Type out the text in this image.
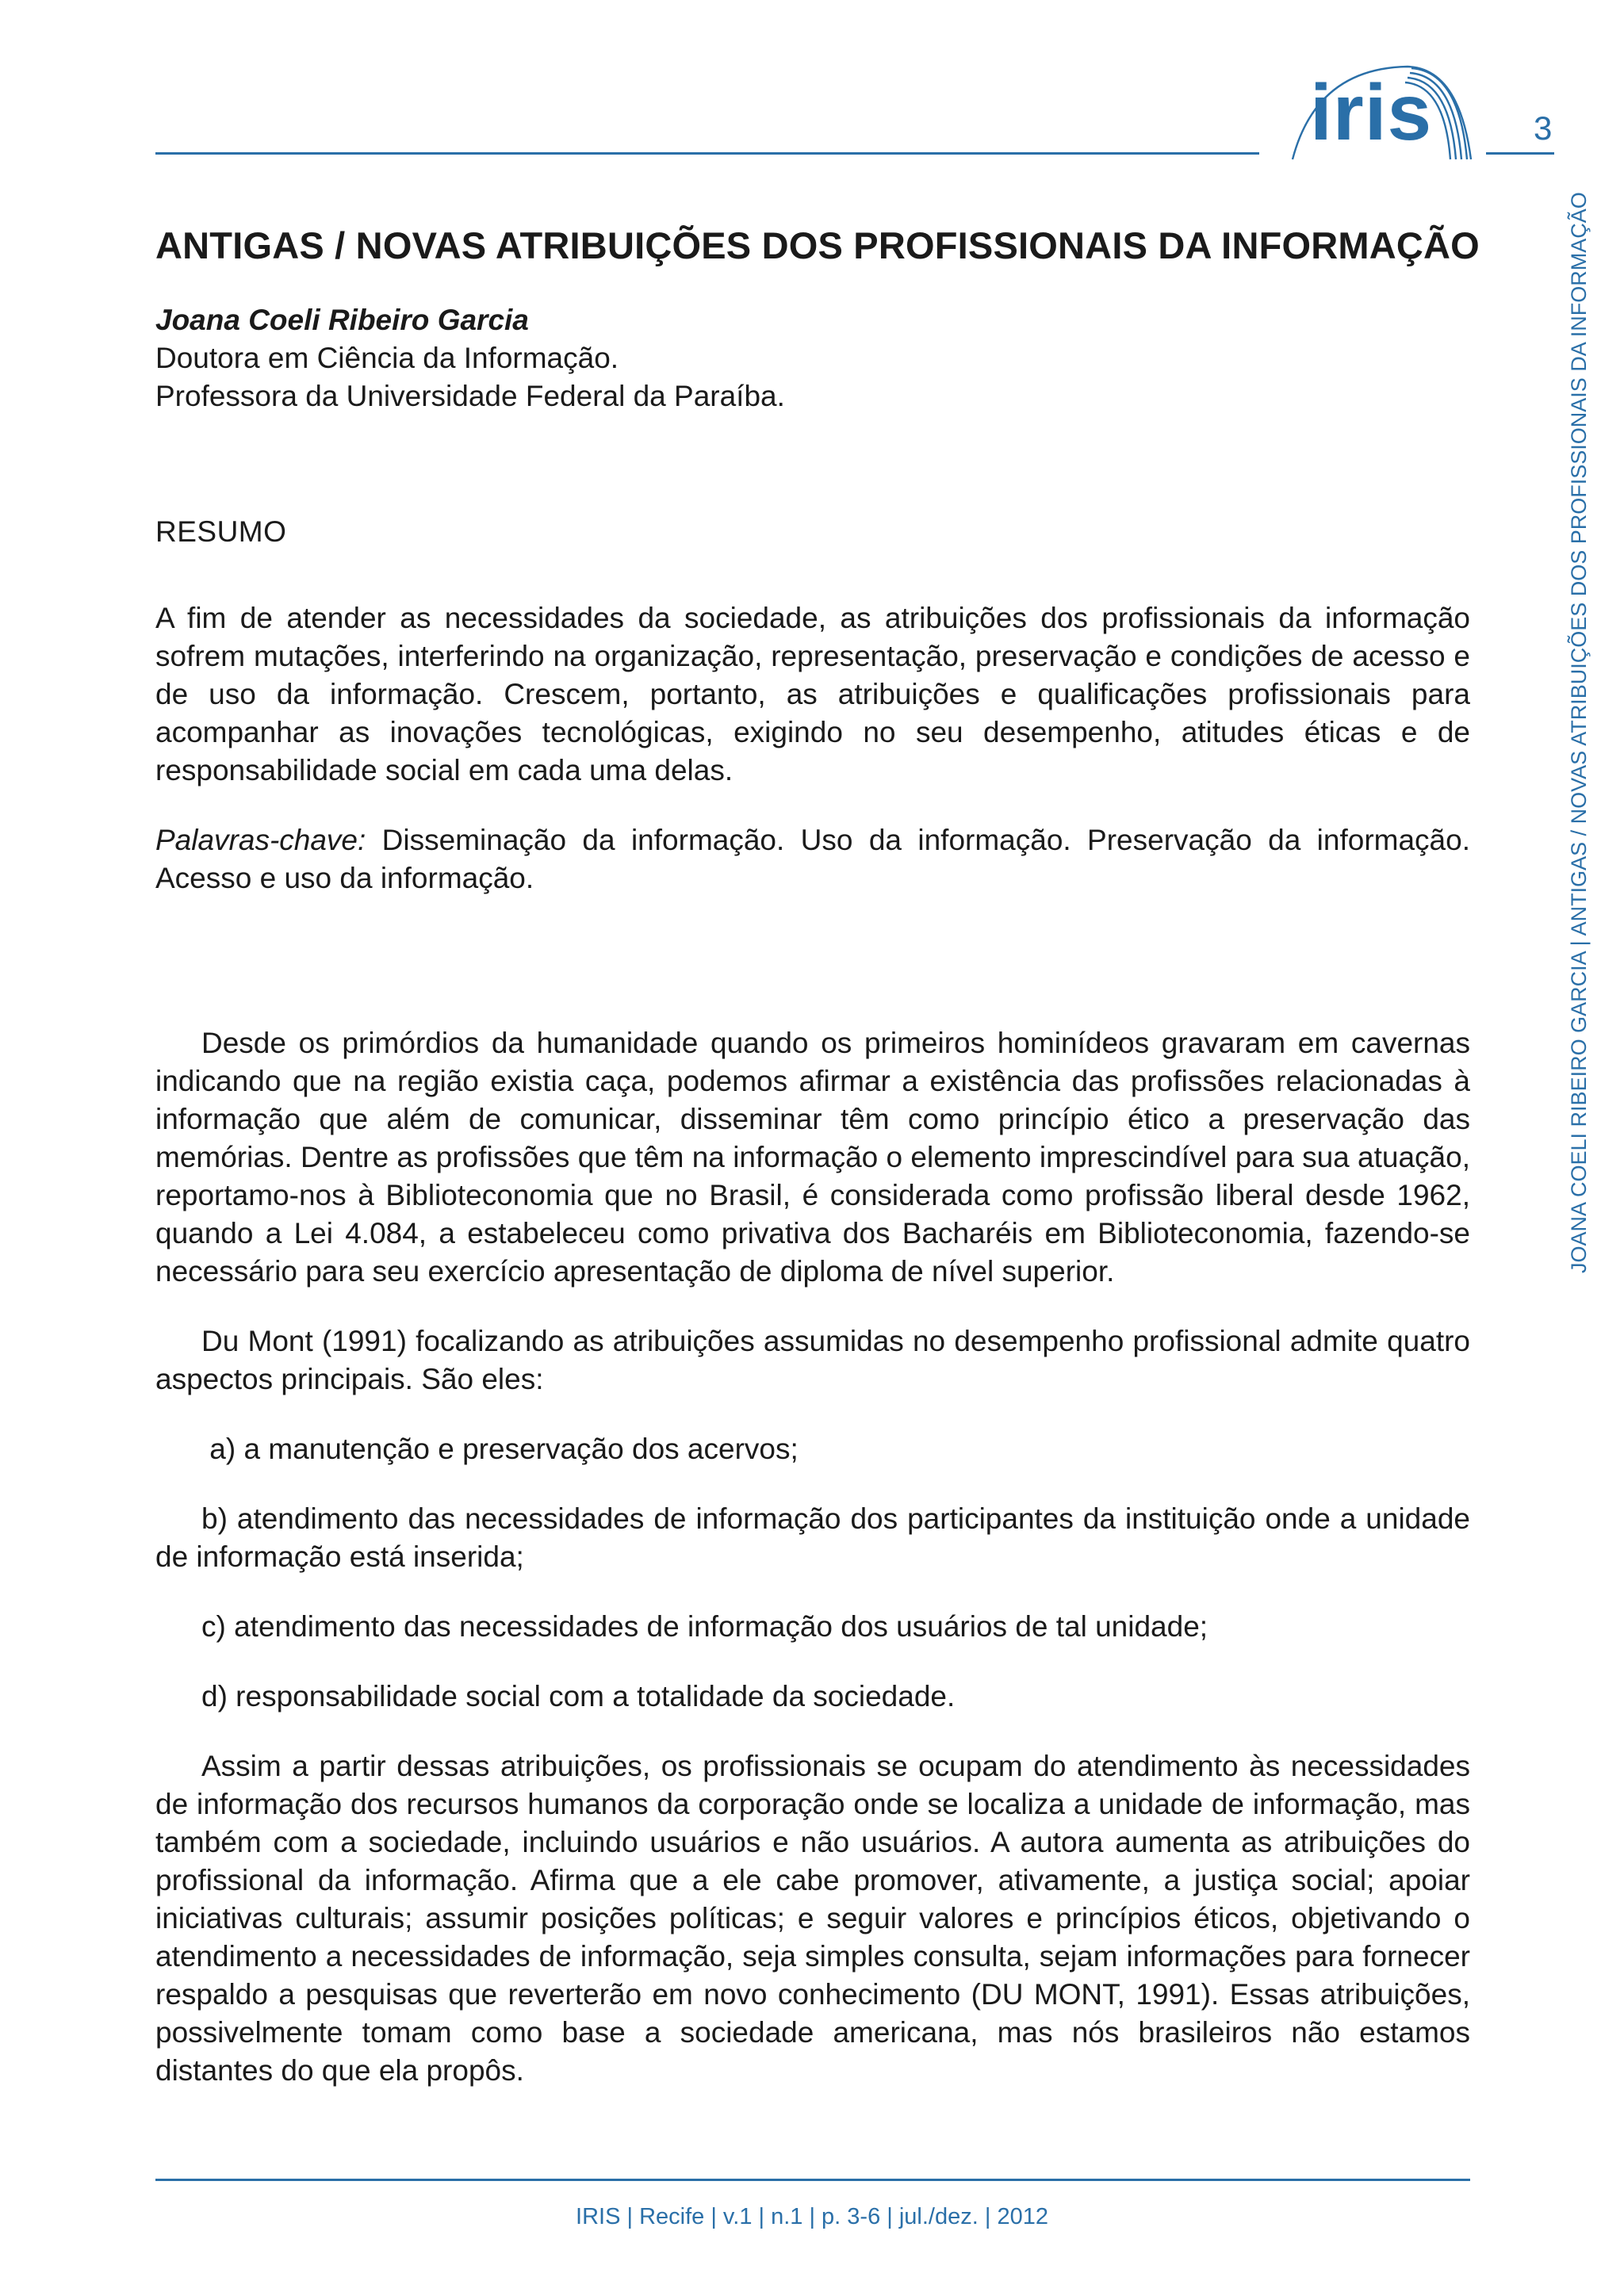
iris	3
JOANA COELI RIBEIRO GARCIA | ANTIGAS / NOVAS ATRIBUIÇÕES DOS PROFISSIONAIS DA INFORMAÇÃO
ANTIGAS / NOVAS ATRIBUIÇÕES DOS PROFISSIONAIS DA INFORMAÇÃO
Joana Coeli Ribeiro Garcia
Doutora em Ciência da Informação.
Professora da Universidade Federal da Paraíba.
RESUMO

A fim de atender as necessidades da sociedade, as atribuições dos profissionais da informação sofrem mutações, interferindo na organização, representação, preservação e condições de acesso e de uso da informação. Crescem, portanto, as atribuições e qualificações profissionais para acompanhar as inovações tecnológicas, exigindo no seu desempenho, atitudes éticas e de responsabilidade social em cada uma delas.

Palavras-chave: Disseminação da informação. Uso da informação. Preservação da informação. Acesso e uso da informação.

Desde os primórdios da humanidade quando os primeiros hominídeos gravaram em cavernas indicando que na região existia caça, podemos afirmar a existência das profissões relacionadas à informação que além de comunicar, disseminar têm como princípio ético a preservação das memórias. Dentre as profissões que têm na informação o elemento imprescindível para sua atuação, reportamo-nos à Biblioteconomia que no Brasil, é considerada como profissão liberal desde 1962, quando a Lei 4.084, a estabeleceu como privativa dos Bacharéis em Biblioteconomia, fazendo-se necessário para seu exercício apresentação de diploma de nível superior.

Du Mont (1991) focalizando as atribuições assumidas no desempenho profissional admite quatro aspectos principais. São eles:

a) a manutenção e preservação dos acervos;

b) atendimento das necessidades de informação dos participantes da instituição onde a unidade de informação está inserida;

c) atendimento das necessidades de informação dos usuários de tal unidade;

d) responsabilidade social com a totalidade da sociedade.

Assim a partir dessas atribuições, os profissionais se ocupam do atendimento às necessidades de informação dos recursos humanos da corporação onde se localiza a unidade de informação, mas também com a sociedade, incluindo usuários e não usuários. A autora aumenta as atribuições do profissional da informação. Afirma que a ele cabe promover, ativamente, a justiça social; apoiar iniciativas culturais; assumir posições políticas; e seguir valores e princípios éticos, objetivando o atendimento a necessidades de informação, seja simples consulta, sejam informações para fornecer respaldo a pesquisas que reverterão em novo conhecimento (DU MONT, 1991). Essas atribuições, possivelmente tomam como base a sociedade americana, mas nós brasileiros não estamos distantes do que ela propôs.

IRIS | Recife | v.1 | n.1 | p. 3-6 | jul./dez. | 2012
